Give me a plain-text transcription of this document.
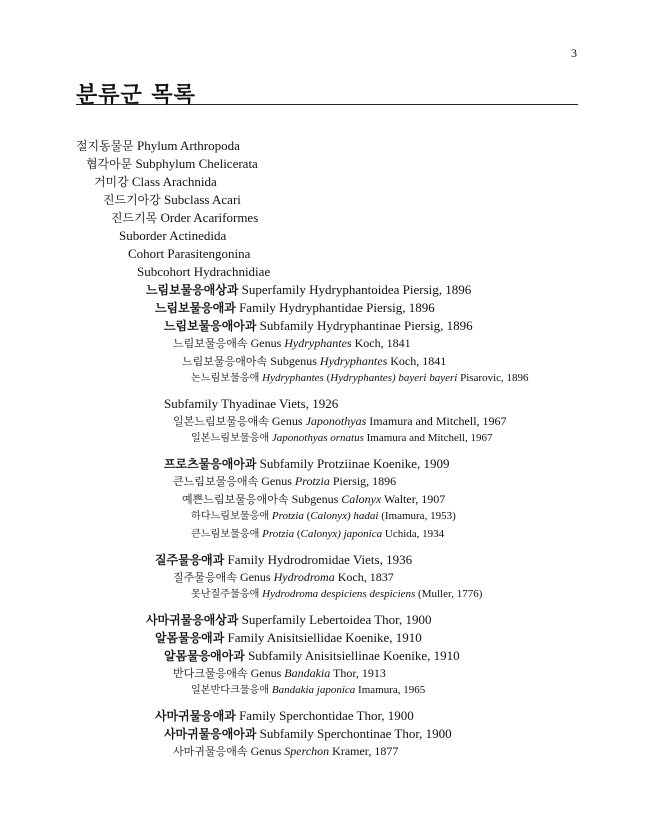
3
분류군 목록
절지동물문 Phylum Arthropoda
협각아문 Subphylum Chelicerata
거미강 Class Arachnida
진드기아강 Subclass Acari
진드기목 Order Acariformes
Suborder Actinedida
Cohort Parasitengonina
Subcohort Hydrachnidiae
느림보물응애상과 Superfamily Hydryphantoidea Piersig, 1896
느림보물응애과 Family Hydryphantidae Piersig, 1896
느림보물응애아과 Subfamily Hydryphantinae Piersig, 1896
느림보물응애속 Genus Hydryphantes Koch, 1841
느림보물응애아속 Subgenus Hydryphantes Koch, 1841
논느림보물응애 Hydryphantes (Hydryphantes) bayeri bayeri Pisarovic, 1896
Subfamily Thyadinae Viets, 1926
일본느림보물응애속 Genus Japonothyas Imamura and Mitchell, 1967
일본느림보물응애 Japonothyas ornatus Imamura and Mitchell, 1967
프로츠물응애아과 Subfamily Protziinae Koenike, 1909
큰느림보물응애속 Genus Protzia Piersig, 1896
예쁜느림보물응애아속 Subgenus Calonyx Walter, 1907
하다느림보물응애 Protzia (Calonyx) hadai (Imamura, 1953)
큰느림보물응애 Protzia (Calonyx) japonica Uchida, 1934
질주물응애과 Family Hydrodromidae Viets, 1936
질주물응애속 Genus Hydrodroma Koch, 1837
못난질주물응애 Hydrodroma despiciens despiciens (Muller, 1776)
사마귀물응애상과 Superfamily Lebertoidea Thor, 1900
알몸물응애과 Family Anisitsiellidae Koenike, 1910
알몸물응애아과 Subfamily Anisitsiellinae Koenike, 1910
반다크물응애속 Genus Bandakia Thor, 1913
일본반다크물응애 Bandakia japonica Imamura, 1965
사마귀물응애과 Family Sperchontidae Thor, 1900
사마귀물응애아과 Subfamily Sperchontinae Thor, 1900
사마귀물응애속 Genus Sperchon Kramer, 1877
